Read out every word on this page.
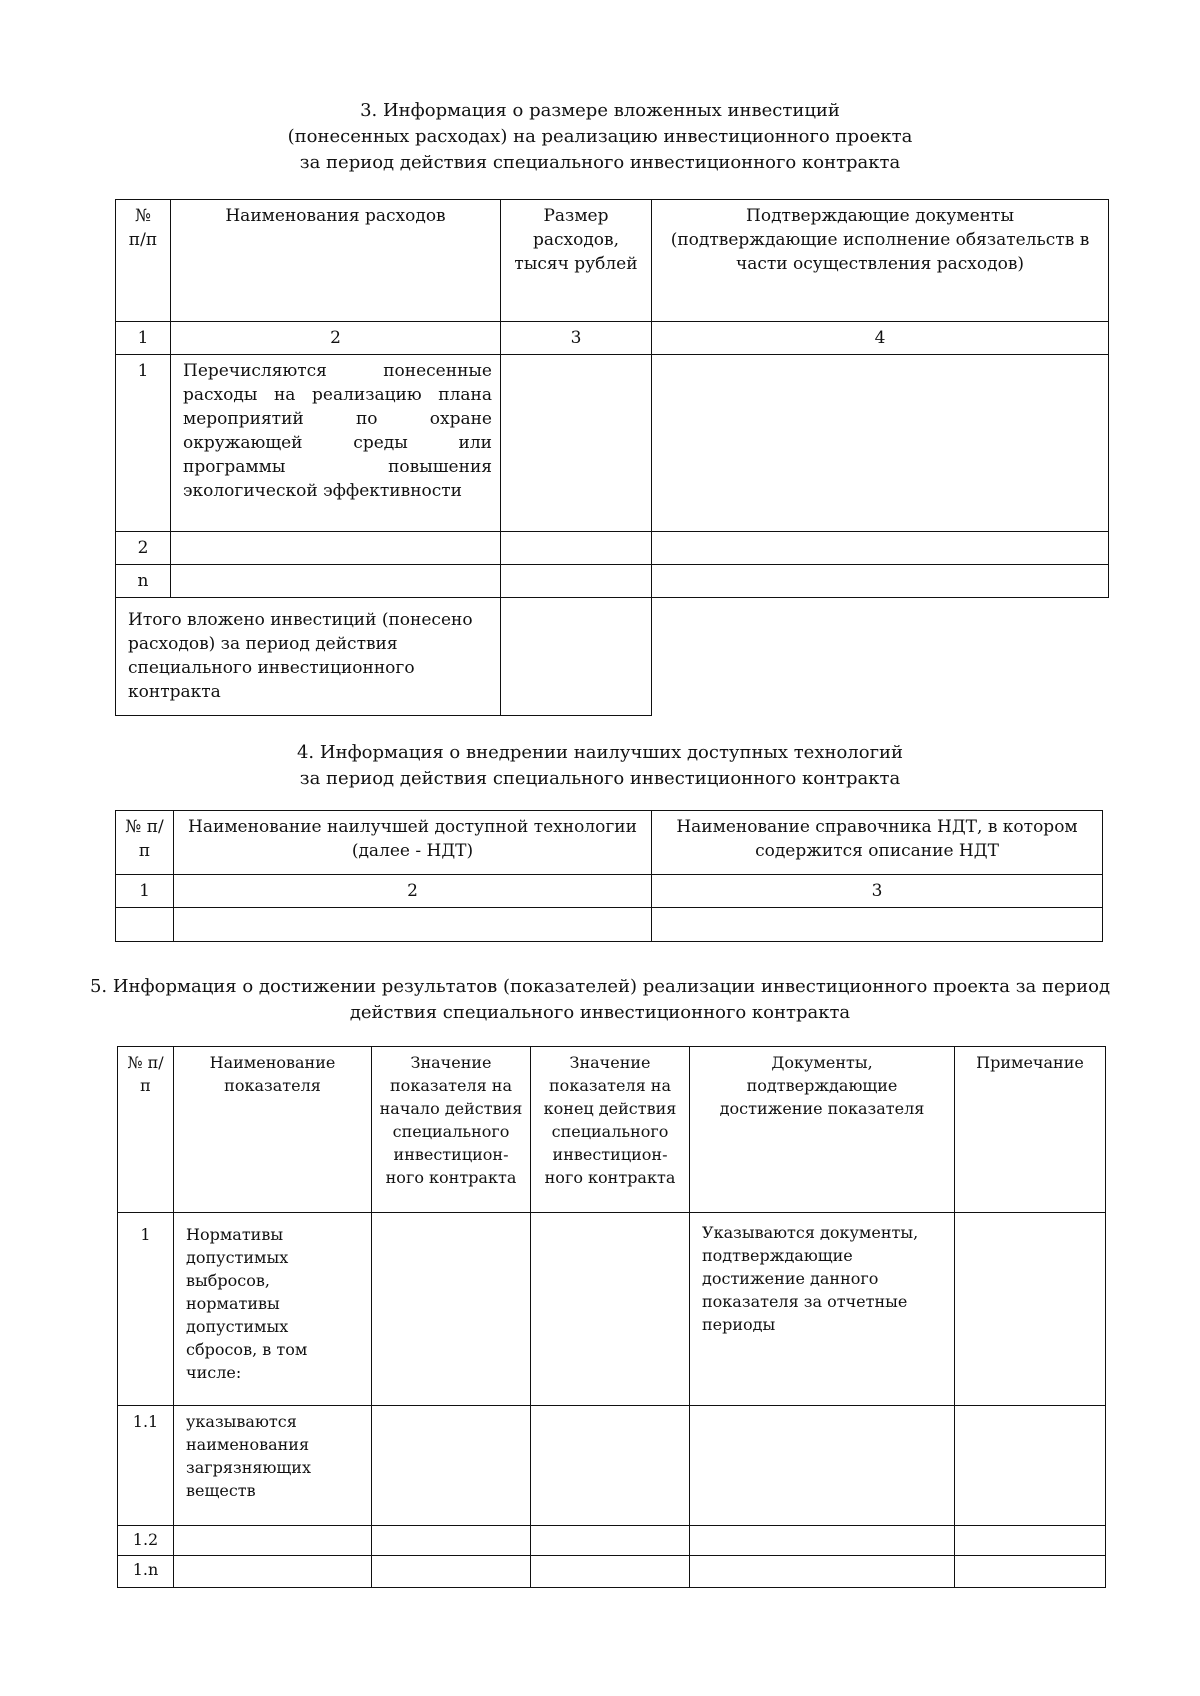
3. Информация о размере вложенных инвестиций
(понесенных расходах) на реализацию инвестиционного проекта
за период действия специального инвестиционного контракта
№ п/п	Наименования расходов	Размер расходов, тысяч рублей	Подтверждающие документы (подтверждающие исполнение обязательств в части осуществления расходов)
1	2	3	4
1	Перечисляются понесенные расходы на реализацию плана мероприятий по охране окружающей среды или программы повышения экологической эффективности		
2			
n			
Итого вложено инвестиций (понесено расходов) за период действия специального инвестиционного контракта			
4. Информация о внедрении наилучших доступных технологий
за период действия специального инвестиционного контракта
№ п/п	Наименование наилучшей доступной технологии (далее - НДТ)	Наименование справочника НДТ, в котором содержится описание НДТ
1	2	3

5. Информация о достижении результатов (показателей) реализации инвестиционного проекта за период
действия специального инвестиционного контракта
№ п/п	Наименование показателя	Значение показателя на начало действия специального инвестицион- ного контракта	Значение показателя на конец действия специального инвестицион- ного контракта	Документы, подтверждающие достижение показателя	Примечание
1	Нормативы допустимых выбросов, нормативы допустимых сбросов, в том числе:			Указываются документы, подтверждающие достижение данного показателя за отчетные периоды	
1.1	указываются наименования загрязняющих веществ				
1.2					
1.n					
